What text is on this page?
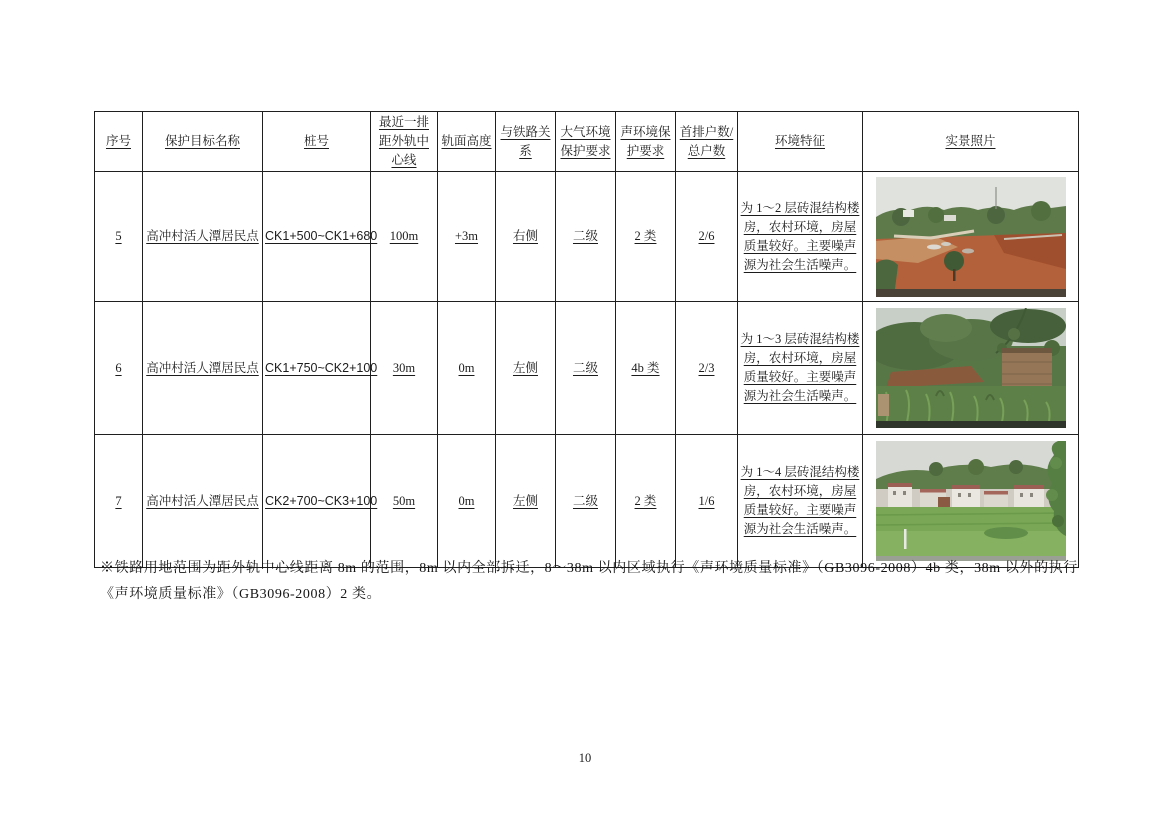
序号	保护目标名称	桩号	最近一排距外轨中心线	轨面高度	与铁路关系	大气环境保护要求	声环境保护要求	首排户数/总户数	环境特征	实景照片
5	高冲村活人潭居民点	CK1+500~CK1+680	100m	+3m	右侧	二级	2 类	2/6	为 1～2 层砖混结构楼房，农村环境，房屋质量较好。主要噪声源为社会生活噪声。	

6	高冲村活人潭居民点	CK1+750~CK2+100	30m	0m	左侧	二级	4b 类	2/3	为 1～3 层砖混结构楼房，农村环境，房屋质量较好。主要噪声源为社会生活噪声。	

7	高冲村活人潭居民点	CK2+700~CK3+100	50m	0m	左侧	二级	2 类	1/6	为 1～4 层砖混结构楼房，农村环境，房屋质量较好。主要噪声源为社会生活噪声。	
※铁路用地范围为距外轨中心线距离 8m 的范围，8m 以内全部拆迁，8～38m 以内区域执行《声环境质量标准》（GB3096-2008）4b 类，38m 以外的执行
《声环境质量标准》（GB3096-2008）2 类。
10
